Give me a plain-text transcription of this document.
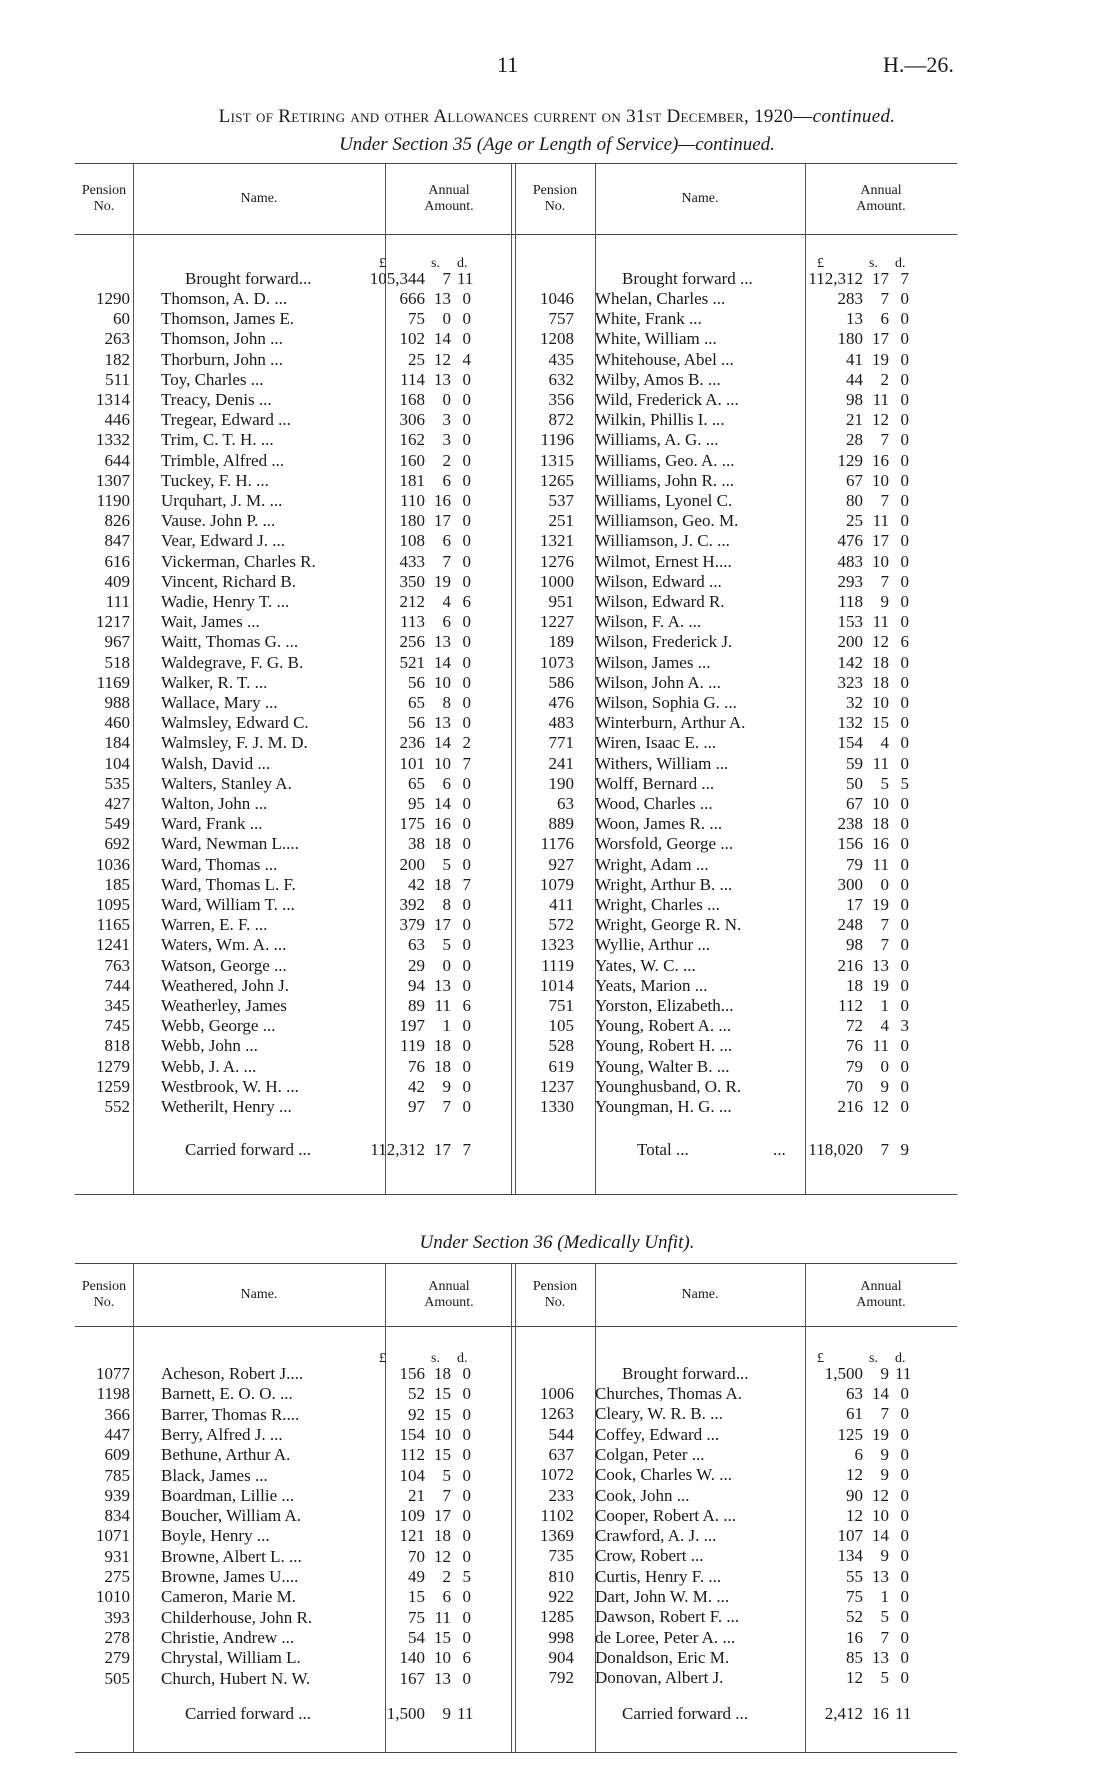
11	H.—26.
List of Retiring and other Allowances current on 31st December, 1920—continued.
Under Section 35 (Age or Length of Service)—continued.
Pension
No.
Name.
Annual
Amount.
Pension
No.
Name.
Annual
Amount.
£	s. d.	£	s. d.
Brought forward...	105,344	7 11	Brought forward ...	112,312 17 7
1290 Thomson, A. D. ...	666 13 0
60 Thomson, James E.	75	0 0
263 Thomson, John ...	102 14 0
182 Thorburn, John ...	25 12 4
511 Toy, Charles ...	114 13 0
1314 Treacy, Denis ...	168	0 0
446 Tregear, Edward ...	306	3 0
1332 Trim, C. T. H. ...	162	3 0
644 Trimble, Alfred ...	160	2 0
1307 Tuckey, F. H. ...	181	6 0
1190 Urquhart, J. M. ...	110 16 0
826 Vause. John P. ...	180 17 0
847 Vear, Edward J. ...	108	6 0
616 Vickerman, Charles R.	433	7 0
409 Vincent, Richard B.	350 19 0
111 Wadie, Henry T. ...	212	4 6
1217 Wait, James ...	113	6 0
967 Waitt, Thomas G. ...	256 13 0
518 Waldegrave, F. G. B.	521 14 0
1169 Walker, R. T. ...	56 10 0
988 Wallace, Mary ...	65	8 0
460 Walmsley, Edward C.	56 13 0
184 Walmsley, F. J. M. D.	236 14 2
104 Walsh, David ...	101 10 7
535 Walters, Stanley A.	65	6 0
427 Walton, John ...	95 14 0
549 Ward, Frank ...	175 16 0
692 Ward, Newman L....	38 18 0
1036 Ward, Thomas ...	200	5 0
185 Ward, Thomas L. F.	42 18 7
1095 Ward, William T. ...	392	8 0
1165 Warren, E. F. ...	379 17 0
1241 Waters, Wm. A. ...	63	5 0
763 Watson, George ...	29	0 0
744 Weathered, John J.	94 13 0
345 Weatherley, James	89 11 6
745 Webb, George ...	197	1 0
818 Webb, John ...	119 18 0
1279 Webb, J. A. ...	76 18 0
1259 Westbrook, W. H. ...	42	9 0
552 Wetherilt, Henry ...	97	7 0
1046 Whelan, Charles ...	283	7 0
757 White, Frank ...	13	6 0
1208 White, William ...	180 17 0
435 Whitehouse, Abel ...	41 19 0
632 Wilby, Amos B. ...	44	2 0
356 Wild, Frederick A. ...	98 11 0
872 Wilkin, Phillis I. ...	21 12 0
1196 Williams, A. G. ...	28	7 0
1315 Williams, Geo. A. ...	129 16 0
1265 Williams, John R. ...	67 10 0
537 Williams, Lyonel C.	80	7 0
251 Williamson, Geo. M.	25 11 0
1321 Williamson, J. C. ...	476 17 0
1276 Wilmot, Ernest H....	483 10 0
1000 Wilson, Edward ...	293	7 0
951 Wilson, Edward R.	118	9 0
1227 Wilson, F. A. ...	153 11 0
189 Wilson, Frederick J.	200 12 6
1073 Wilson, James ...	142 18 0
586 Wilson, John A. ...	323 18 0
476 Wilson, Sophia G. ...	32 10 0
483 Winterburn, Arthur A.	132 15 0
771 Wiren, Isaac E. ...	154	4 0
241 Withers, William ...	59 11 0
190 Wolff, Bernard ...	50	5 5
63 Wood, Charles ...	67 10 0
889 Woon, James R. ...	238 18 0
1176 Worsfold, George ...	156 16 0
927 Wright, Adam ...	79 11 0
1079 Wright, Arthur B. ...	300	0 0
411 Wright, Charles ...	17 19 0
572 Wright, George R. N.	248	7 0
1323 Wyllie, Arthur ...	98	7 0
1119 Yates, W. C. ...	216 13 0
1014 Yeats, Marion ...	18 19 0
751 Yorston, Elizabeth...	112	1 0
105 Young, Robert A. ...	72	4 3
528 Young, Robert H. ...	76 11 0
619 Young, Walter B. ...	79	0 0
1237 Younghusband, O. R.	70	9 0
1330 Youngman, H. G. ...	216 12 0
Carried forward ...	112,312 17 7	Total ...	... 118,020	7 9
Under Section 36 (Medically Unfit).
Pension
No.
Name.
Annual
Amount.
Pension
No.
Name.
Annual
Amount.
£	s. d.	£	s. d.
1077 Acheson, Robert J....	156 18 0
1198 Barnett, E. O. O. ...	52 15 0
366 Barrer, Thomas R....	92 15 0
447 Berry, Alfred J. ...	154 10 0
609 Bethune, Arthur A.	112 15 0
785 Black, James ...	104	5 0
939 Boardman, Lillie ...	21	7 0
834 Boucher, William A.	109 17 0
1071 Boyle, Henry ...	121 18 0
931 Browne, Albert L. ...	70 12 0
275 Browne, James U....	49	2 5
1010 Cameron, Marie M.	15	6 0
393 Childerhouse, John R.	75 11 0
278 Christie, Andrew ...	54 15 0
279 Chrystal, William L.	140 10 6
505 Church, Hubert N. W.	167 13 0
Brought forward...	1,500	9 11
1006 Churches, Thomas A.	63 14 0
1263 Cleary, W. R. B. ...	61	7 0
544 Coffey, Edward ...	125 19 0
637 Colgan, Peter ...	6	9 0
1072 Cook, Charles W. ...	12	9 0
233 Cook, John ...	90 12 0
1102 Cooper, Robert A. ...	12 10 0
1369 Crawford, A. J. ...	107 14 0
735 Crow, Robert ...	134	9 0
810 Curtis, Henry F. ...	55 13 0
922 Dart, John W. M. ...	75	1 0
1285 Dawson, Robert F. ...	52	5 0
998 de Loree, Peter A. ...	16	7 0
904 Donaldson, Eric M.	85 13 0
792 Donovan, Albert J.	12	5 0
Carried forward ...	1,500	9 11	Carried forward ...	2,412 16 11
